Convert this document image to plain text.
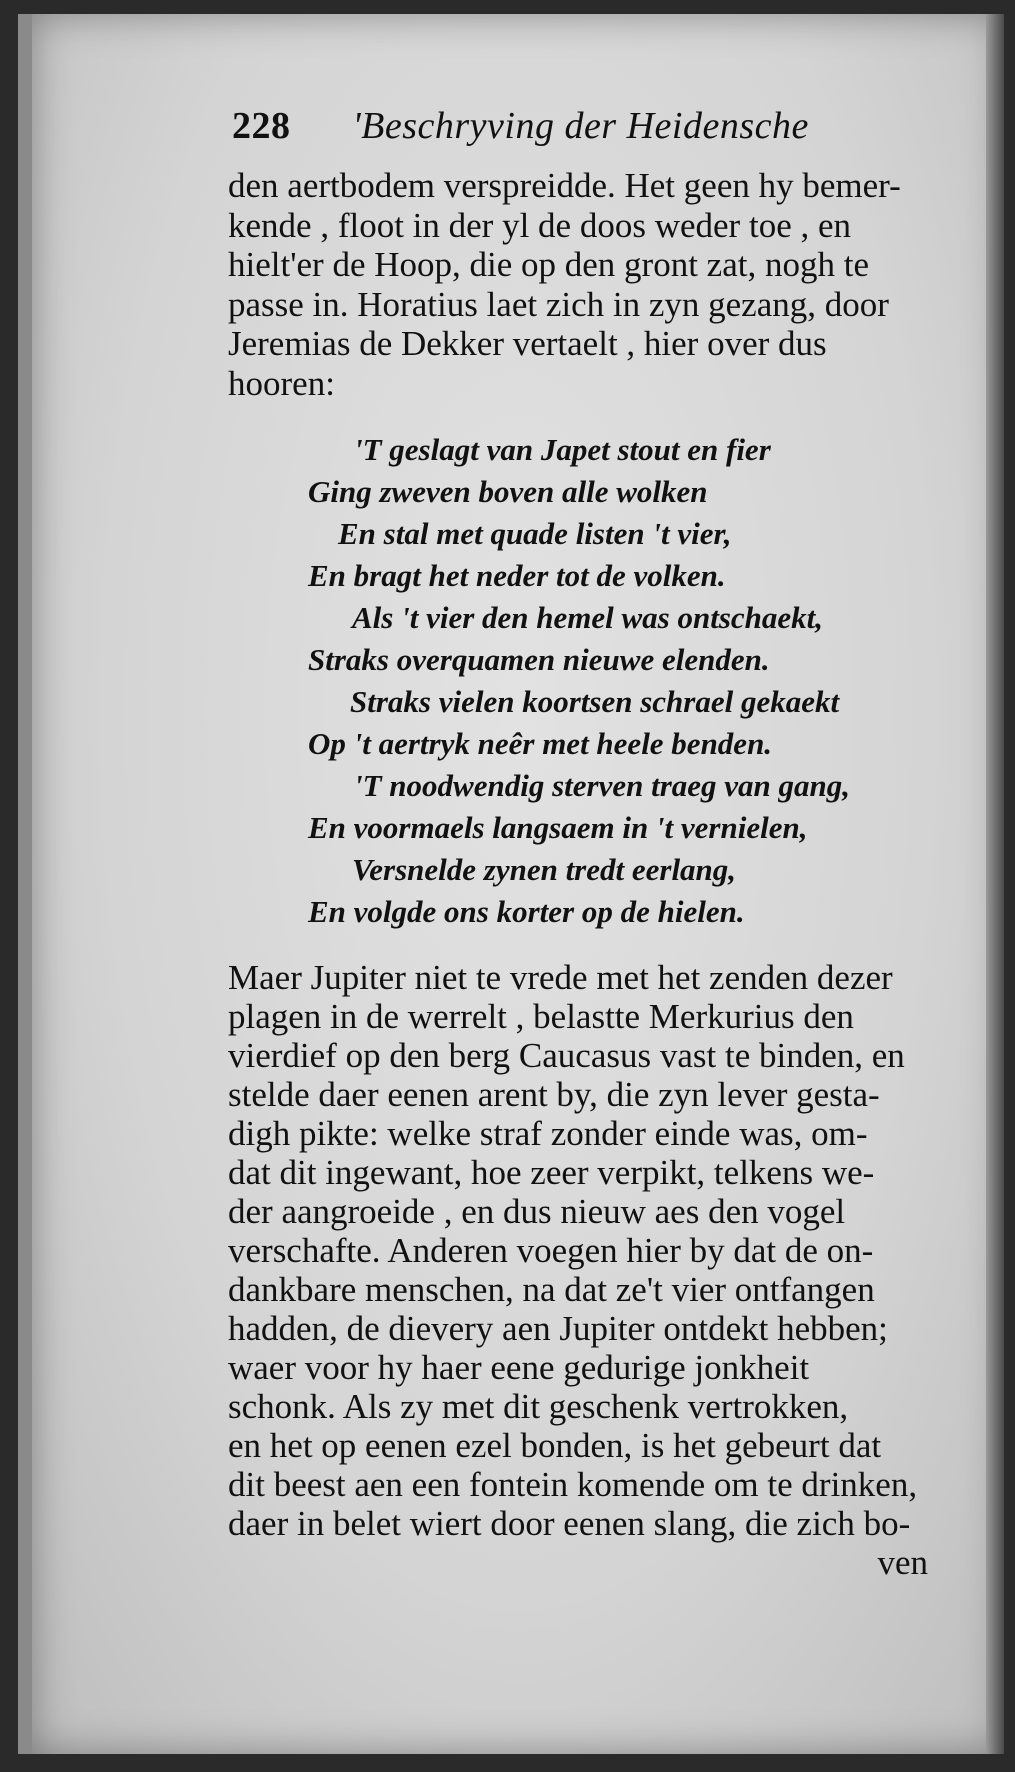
228 'Beschryving der Heidensche
den aertbodem verspreidde. Het geen hy bemer-
kende , floot in der yl de doos weder toe , en
hielt'er de Hoop, die op den gront zat, nogh te
passe in. Horatius laet zich in zyn gezang, door
Jeremias de Dekker vertaelt , hier over dus
hooren:
'T geslagt van Japet stout en fier
Ging zweven boven alle wolken
En stal met quade listen 't vier,
En bragt het neder tot de volken.
Als 't vier den hemel was ontschaekt,
Straks overquamen nieuwe elenden.
Straks vielen koortsen schrael gekaekt
Op 't aertryk neêr met heele benden.
'T noodwendig sterven traeg van gang,
En voormaels langsaem in 't vernielen,
Versnelde zynen tredt eerlang,
En volgde ons korter op de hielen.
Maer Jupiter niet te vrede met het zenden dezer
plagen in de werrelt , belastte Merkurius den
vierdief op den berg Caucasus vast te binden, en
stelde daer eenen arent by, die zyn lever gesta-
digh pikte: welke straf zonder einde was, om-
dat dit ingewant, hoe zeer verpikt, telkens we-
der aangroeide , en dus nieuw aes den vogel
verschafte. Anderen voegen hier by dat de on-
dankbare menschen, na dat ze't vier ontfangen
hadden, de dievery aen Jupiter ontdekt hebben;
waer voor hy haer eene gedurige jonkheit
schonk. Als zy met dit geschenk vertrokken,
en het op eenen ezel bonden, is het gebeurt dat
dit beest aen een fontein komende om te drinken,
daer in belet wiert door eenen slang, die zich bo-
ven
